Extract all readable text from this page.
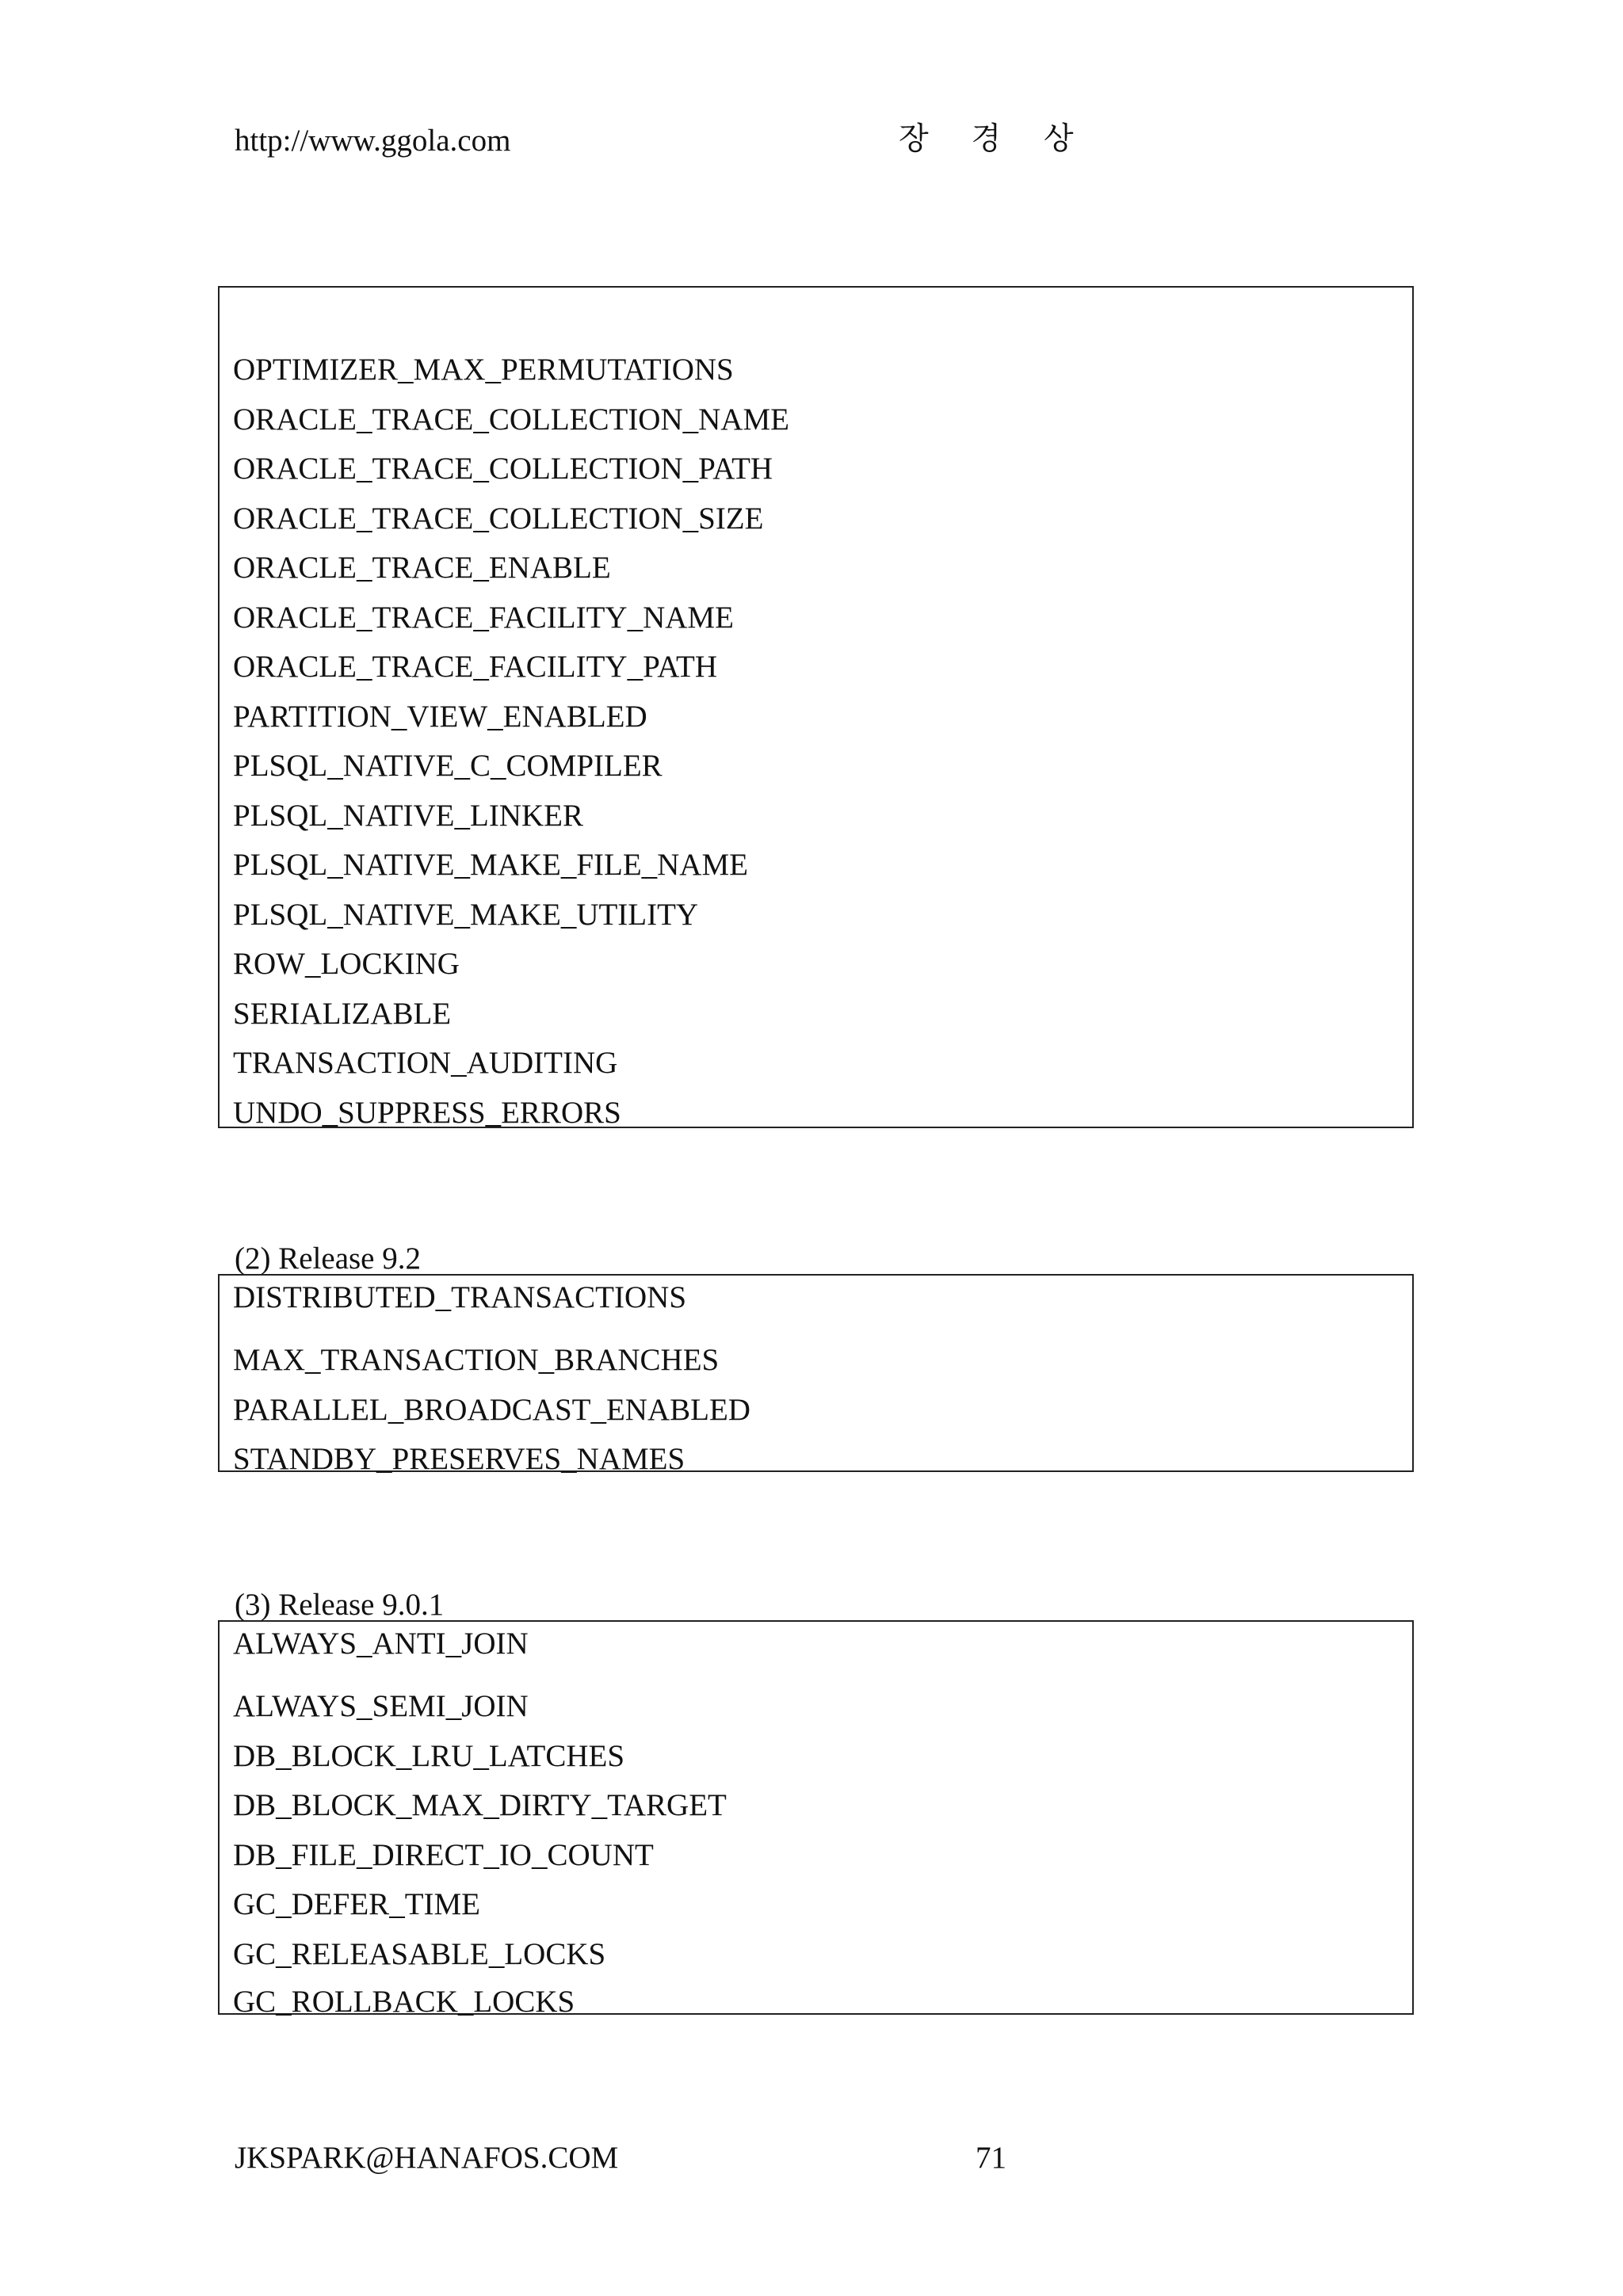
http://www.ggola.com	장 경 상
OPTIMIZER_MAX_PERMUTATIONS
ORACLE_TRACE_COLLECTION_NAME
ORACLE_TRACE_COLLECTION_PATH
ORACLE_TRACE_COLLECTION_SIZE
ORACLE_TRACE_ENABLE
ORACLE_TRACE_FACILITY_NAME
ORACLE_TRACE_FACILITY_PATH
PARTITION_VIEW_ENABLED
PLSQL_NATIVE_C_COMPILER
PLSQL_NATIVE_LINKER
PLSQL_NATIVE_MAKE_FILE_NAME
PLSQL_NATIVE_MAKE_UTILITY
ROW_LOCKING
SERIALIZABLE
TRANSACTION_AUDITING
UNDO_SUPPRESS_ERRORS
(2) Release 9.2
DISTRIBUTED_TRANSACTIONS
MAX_TRANSACTION_BRANCHES
PARALLEL_BROADCAST_ENABLED
STANDBY_PRESERVES_NAMES
(3) Release 9.0.1
ALWAYS_ANTI_JOIN
ALWAYS_SEMI_JOIN
DB_BLOCK_LRU_LATCHES
DB_BLOCK_MAX_DIRTY_TARGET
DB_FILE_DIRECT_IO_COUNT
GC_DEFER_TIME
GC_RELEASABLE_LOCKS
GC_ROLLBACK_LOCKS
JKSPARK@HANAFOS.COM	71
